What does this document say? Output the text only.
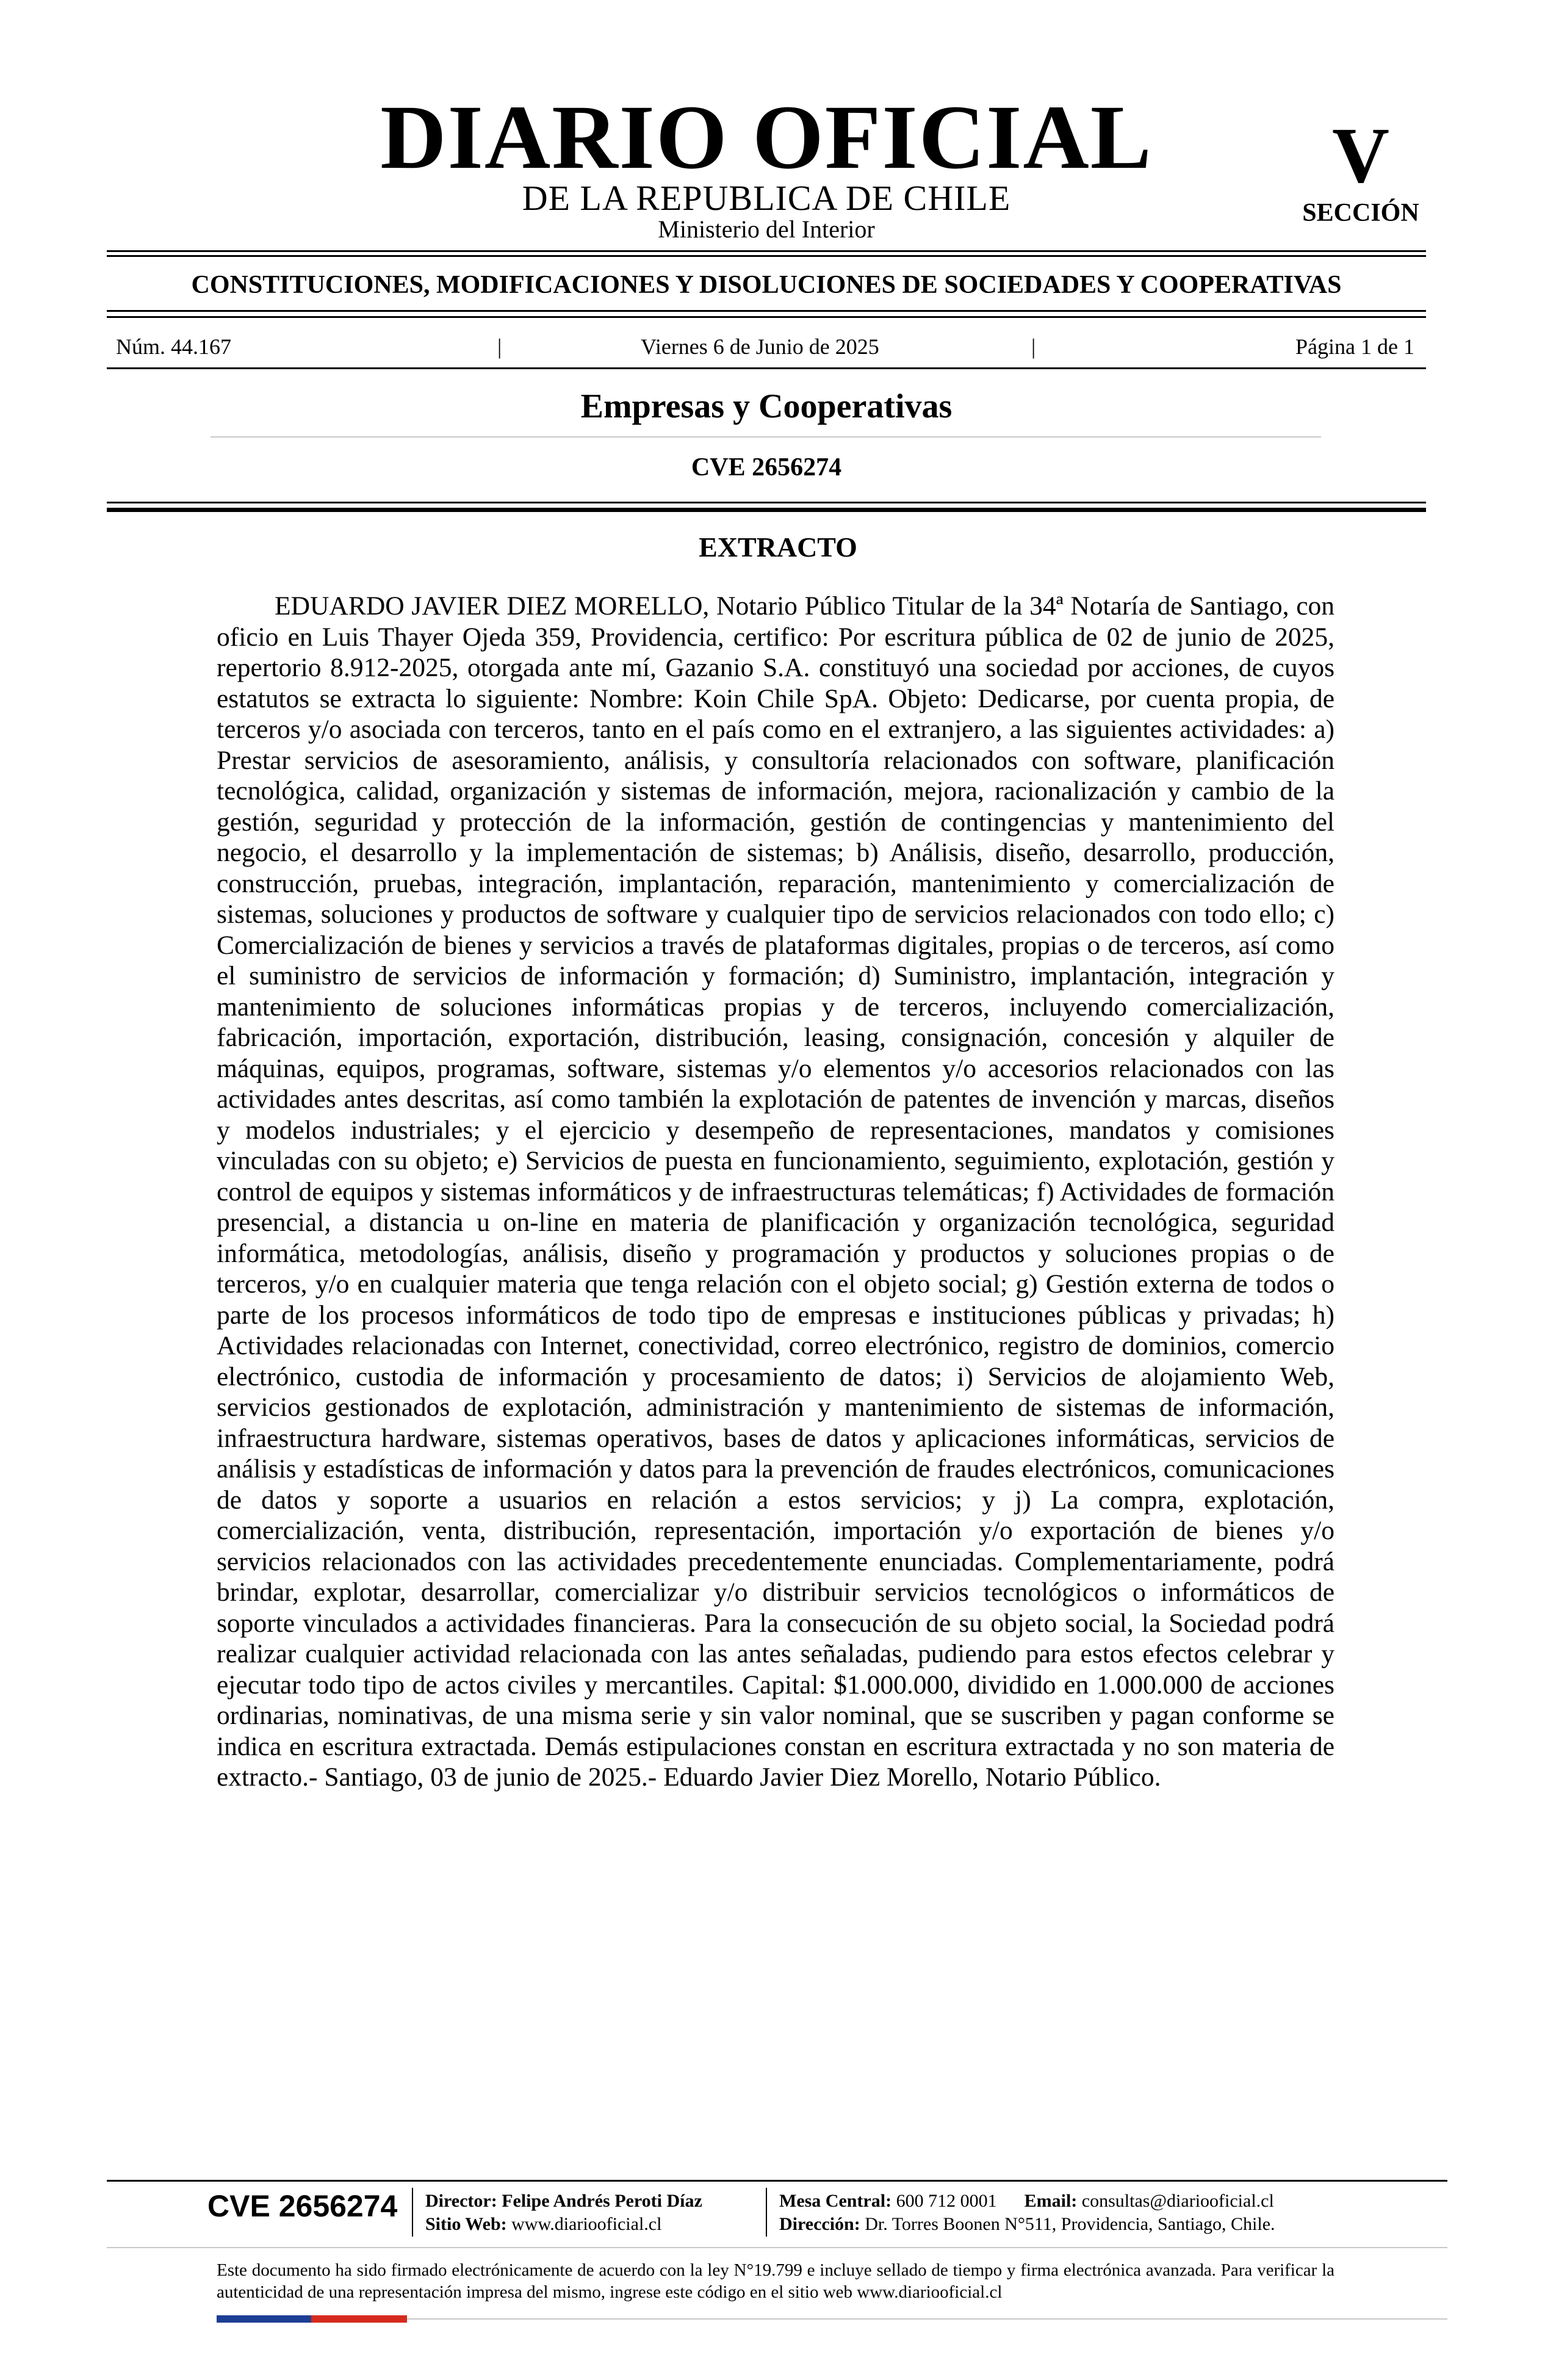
DIARIO OFICIAL
DE LA REPUBLICA DE CHILE
Ministerio del Interior
V
SECCIÓN
CONSTITUCIONES, MODIFICACIONES Y DISOLUCIONES DE SOCIEDADES Y COOPERATIVAS
Núm. 44.167	|	Viernes 6 de Junio de 2025	|	Página 1 de 1
Empresas y Cooperativas
CVE 2656274
EXTRACTO

EDUARDO JAVIER DIEZ MORELLO, Notario Público Titular de la 34ª Notaría de Santiago, con oficio en Luis Thayer Ojeda 359, Providencia, certifico: Por escritura pública de 02 de junio de 2025, repertorio 8.912-2025, otorgada ante mí, Gazanio S.A. constituyó una sociedad por acciones, de cuyos estatutos se extracta lo siguiente: Nombre: Koin Chile SpA. Objeto: Dedicarse, por cuenta propia, de terceros y/o asociada con terceros, tanto en el país como en el extranjero, a las siguientes actividades: a) Prestar servicios de asesoramiento, análisis, y consultoría relacionados con software, planificación tecnológica, calidad, organización y sistemas de información, mejora, racionalización y cambio de la gestión, seguridad y protección de la información, gestión de contingencias y mantenimiento del negocio, el desarrollo y la implementación de sistemas; b) Análisis, diseño, desarrollo, producción, construcción, pruebas, integración, implantación, reparación, mantenimiento y comercialización de sistemas, soluciones y productos de software y cualquier tipo de servicios relacionados con todo ello; c) Comercialización de bienes y servicios a través de plataformas digitales, propias o de terceros, así como el suministro de servicios de información y formación; d) Suministro, implantación, integración y mantenimiento de soluciones informáticas propias y de terceros, incluyendo comercialización, fabricación, importación, exportación, distribución, leasing, consignación, concesión y alquiler de máquinas, equipos, programas, software, sistemas y/o elementos y/o accesorios relacionados con las actividades antes descritas, así como también la explotación de patentes de invención y marcas, diseños y modelos industriales; y el ejercicio y desempeño de representaciones, mandatos y comisiones vinculadas con su objeto; e) Servicios de puesta en funcionamiento, seguimiento, explotación, gestión y control de equipos y sistemas informáticos y de infraestructuras telemáticas; f) Actividades de formación presencial, a distancia u on-line en materia de planificación y organización tecnológica, seguridad informática, metodologías, análisis, diseño y programación y productos y soluciones propias o de terceros, y/o en cualquier materia que tenga relación con el objeto social; g) Gestión externa de todos o parte de los procesos informáticos de todo tipo de empresas e instituciones públicas y privadas; h) Actividades relacionadas con Internet, conectividad, correo electrónico, registro de dominios, comercio electrónico, custodia de información y procesamiento de datos; i) Servicios de alojamiento Web, servicios gestionados de explotación, administración y mantenimiento de sistemas de información, infraestructura hardware, sistemas operativos, bases de datos y aplicaciones informáticas, servicios de análisis y estadísticas de información y datos para la prevención de fraudes electrónicos, comunicaciones de datos y soporte a usuarios en relación a estos servicios; y j) La compra, explotación, comercialización, venta, distribución, representación, importación y/o exportación de bienes y/o servicios relacionados con las actividades precedentemente enunciadas. Complementariamente, podrá brindar, explotar, desarrollar, comercializar y/o distribuir servicios tecnológicos o informáticos de soporte vinculados a actividades financieras. Para la consecución de su objeto social, la Sociedad podrá realizar cualquier actividad relacionada con las antes señaladas, pudiendo para estos efectos celebrar y ejecutar todo tipo de actos civiles y mercantiles. Capital: $1.000.000, dividido en 1.000.000 de acciones ordinarias, nominativas, de una misma serie y sin valor nominal, que se suscriben y pagan conforme se indica en escritura extractada. Demás estipulaciones constan en escritura extractada y no son materia de extracto.- Santiago, 03 de junio de 2025.- Eduardo Javier Diez Morello, Notario Público.

CVE 2656274 Director: Felipe Andrés Peroti Díaz
Sitio Web: www.diariooficial.cl
Mesa Central: 600 712 0001 Email: consultas@diariooficial.cl
Dirección: Dr. Torres Boonen N°511, Providencia, Santiago, Chile.

Este documento ha sido firmado electrónicamente de acuerdo con la ley N°19.799 e incluye sellado de tiempo y firma electrónica avanzada. Para verificar la autenticidad de una representación impresa del mismo, ingrese este código en el sitio web www.diariooficial.cl
